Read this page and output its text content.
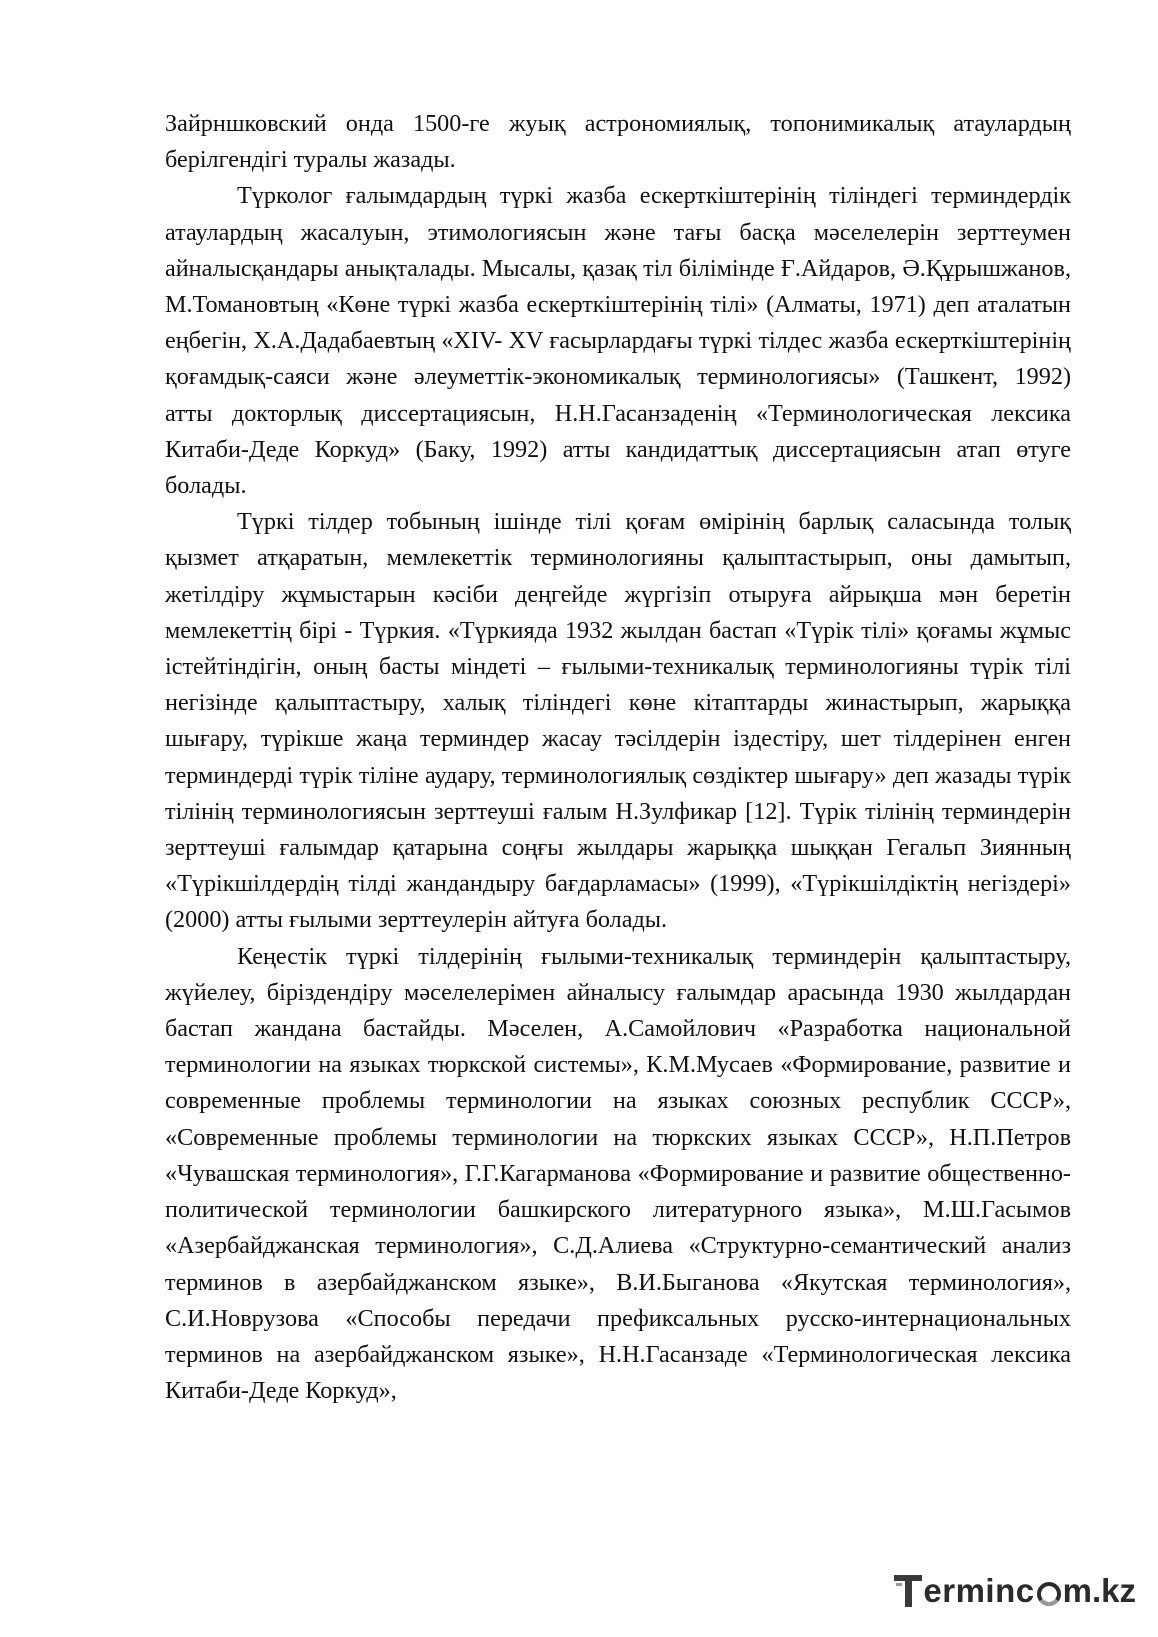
Зайрншковский онда 1500-ге жуық астрономиялық, топонимикалық атаулардың берілгендігі туралы жазады.

Түрколог ғалымдардың түркі жазба ескерткіштерінің тіліндегі терминдердік атаулардың жасалуын, этимологиясын және тағы басқа мәселелерін зерттеумен айналысқандары анықталады. Мысалы, қазақ тіл білімінде Ғ.Айдаров, Ә.Құрышжанов, М.Томановтың «Көне түркі жазба ескерткіштерінің тілі» (Алматы, 1971) деп аталатын еңбегін, Х.А.Дадабаевтың «XIV- XV ғасырлардағы түркі тілдес жазба ескерткіштерінің қоғамдық-саяси және әлеуметтік-экономикалық терминологиясы» (Ташкент, 1992) атты докторлық диссертациясын, Н.Н.Гасанзаденің «Терминологическая лексика Китаби-Деде Коркуд» (Баку, 1992) атты кандидаттық диссертациясын атап өтуге болады.

Түркі тілдер тобының ішінде тілі қоғам өмірінің барлық саласында толық қызмет атқаратын, мемлекеттік терминологияны қалыптастырып, оны дамытып, жетілдіру жұмыстарын кәсіби деңгейде жүргізіп отыруға айрықша мән беретін мемлекеттің бірі - Түркия. «Түркияда 1932 жылдан бастап «Түрік тілі» қоғамы жұмыс істейтіндігін, оның басты міндеті – ғылыми-техникалық терминологияны түрік тілі негізінде қалыптастыру, халық тіліндегі көне кітаптарды жинастырып, жарыққа шығару, түрікше жаңа терминдер жасау тәсілдерін іздестіру, шет тілдерінен енген терминдерді түрік тіліне аудару, терминологиялық сөздіктер шығару» деп жазады түрік тілінің терминологиясын зерттеуші ғалым Н.Зулфикар [12]. Түрік тілінің терминдерін зерттеуші ғалымдар қатарына соңғы жылдары жарыққа шыққан Гегальп Зиянның «Түрікшілдердің тілді жандандыру бағдарламасы» (1999), «Түрікшілдіктің негіздері» (2000) атты ғылыми зерттеулерін айтуға болады.

Кеңестік түркі тілдерінің ғылыми-техникалық терминдерін қалыптастыру, жүйелеу, біріздендіру мәселелерімен айналысу ғалымдар арасында 1930 жылдардан бастап жандана бастайды. Мәселен, А.Самойлович «Разработка национальной терминологии на языках тюркской системы», К.М.Мусаев «Формирование, развитие и современные проблемы терминологии на языках союзных республик СССР», «Современные проблемы терминологии на тюркских языках СССР», Н.П.Петров «Чувашская терминология», Г.Г.Кагарманова «Формирование и развитие общественно-политической терминологии башкирского литературного языка», М.Ш.Гасымов «Азербайджанская терминология», С.Д.Алиева «Структурно-семантический анализ терминов в азербайджанском языке», В.И.Быганова «Якутская терминология», С.И.Новрузова «Способы передачи префиксальных русско-интернациональных терминов на азербайджанском языке», Н.Н.Гасанзаде «Терминологическая лексика Китаби-Деде Коркуд»,

ermin c m.kz
